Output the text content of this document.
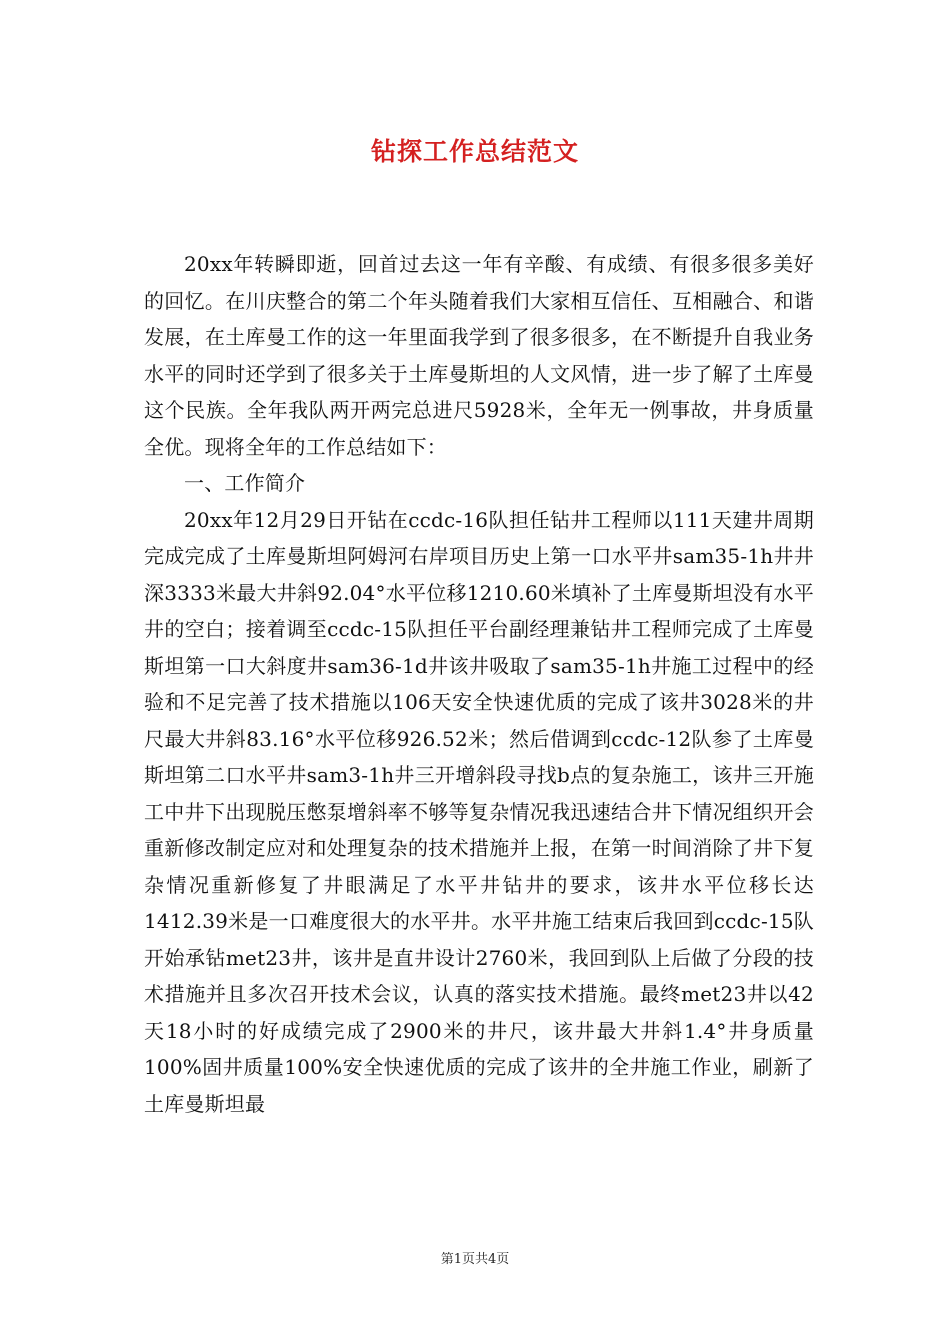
钻探工作总结范文

20xx年转瞬即逝，回首过去这一年有辛酸、有成绩、有很多很多美好的回忆。在川庆整合的第二个年头随着我们大家相互信任、互相融合、和谐发展，在土库曼工作的这一年里面我学到了很多很多，在不断提升自我业务水平的同时还学到了很多关于土库曼斯坦的人文风情，进一步了解了土库曼这个民族。全年我队两开两完总进尺5928米，全年无一例事故，井身质量全优。现将全年的工作总结如下：

一、工作简介

20xx年12月29日开钻在ccdc-16队担任钻井工程师以111天建井周期完成完成了土库曼斯坦阿姆河右岸项目历史上第一口水平井sam35-1h井井深3333米最大井斜92.04°水平位移1210.60米填补了土库曼斯坦没有水平井的空白；接着调至ccdc-15队担任平台副经理兼钻井工程师完成了土库曼斯坦第一口大斜度井sam36-1d井该井吸取了sam35-1h井施工过程中的经验和不足完善了技术措施以106天安全快速优质的完成了该井3028米的井尺最大井斜83.16°水平位移926.52米；然后借调到ccdc-12队参了土库曼斯坦第二口水平井sam3-1h井三开增斜段寻找b点的复杂施工，该井三开施工中井下出现脱压憋泵增斜率不够等复杂情况我迅速结合井下情况组织开会重新修改制定应对和处理复杂的技术措施并上报，在第一时间消除了井下复杂情况重新修复了井眼满足了水平井钻井的要求，该井水平位移长达1412.39米是一口难度很大的水平井。水平井施工结束后我回到ccdc-15队开始承钻met23井，该井是直井设计2760米，我回到队上后做了分段的技术措施并且多次召开技术会议，认真的落实技术措施。最终met23井以42天18小时的好成绩完成了2900米的井尺，该井最大井斜1.4°井身质量100%固井质量100%安全快速优质的完成了该井的全井施工作业，刷新了土库曼斯坦最

第1页共4页
